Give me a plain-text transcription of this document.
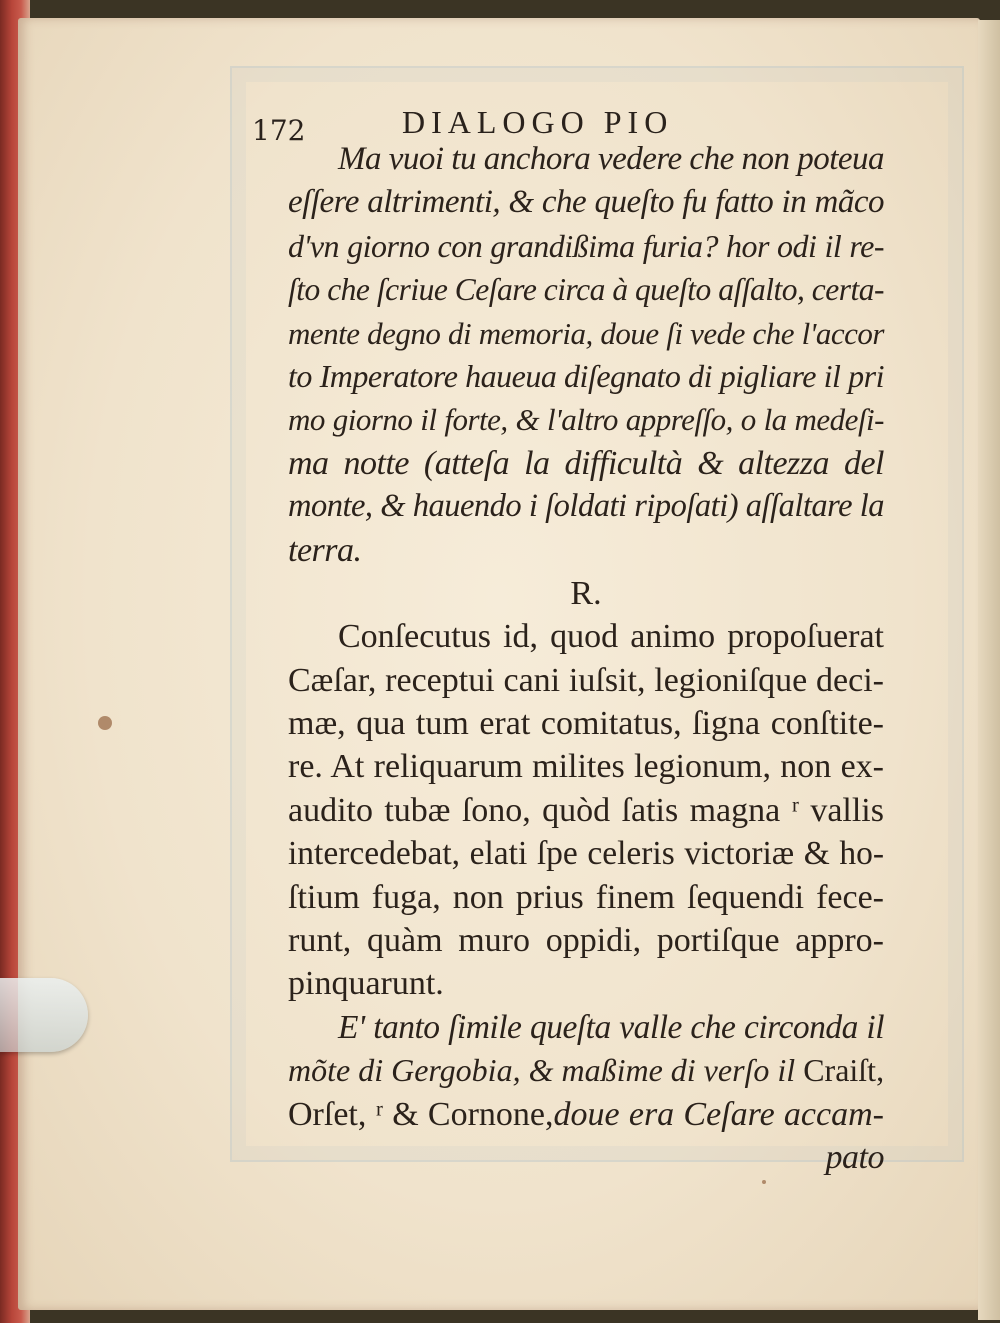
172	DIALOGO PIO
Ma vuoi tu anchora vedere che non poteua
eſſere altrimenti, & che queſto fu fatto in mãco
d'vn giorno con grandißima furia? hor odi il re-
ſto che ſcriue Ceſare circa à queſto aſſalto, certa-
mente degno di memoria, doue ſi vede che l'accor
to Imperatore haueua diſegnato di pigliare il pri
mo giorno il forte, & l'altro appreſſo, o la medeſi-
ma notte (atteſa la difficultà & altezza del
monte, & hauendo i ſoldati ripoſati) aſſaltare la
terra.
R.
Conſecutus id, quod animo propoſuerat
Cæſar, receptui cani iuſsit, legioniſque deci-
mæ, qua tum erat comitatus, ſigna conſtite-
re. At reliquarum milites legionum, non ex-
audito tubæ ſono, quòd ſatis magna ʳ vallis
intercedebat, elati ſpe celeris victoriæ & ho-
ſtium fuga, non prius finem ſequendi fece-
runt, quàm muro oppidi, portiſque appro-
pinquarunt.
E' tanto ſimile queſta valle che circonda il
mõte di Gergobia, & maßime di verſo il Craiſt,
Orſet, ʳ & Cornone,doue era Ceſare accam-
pato
